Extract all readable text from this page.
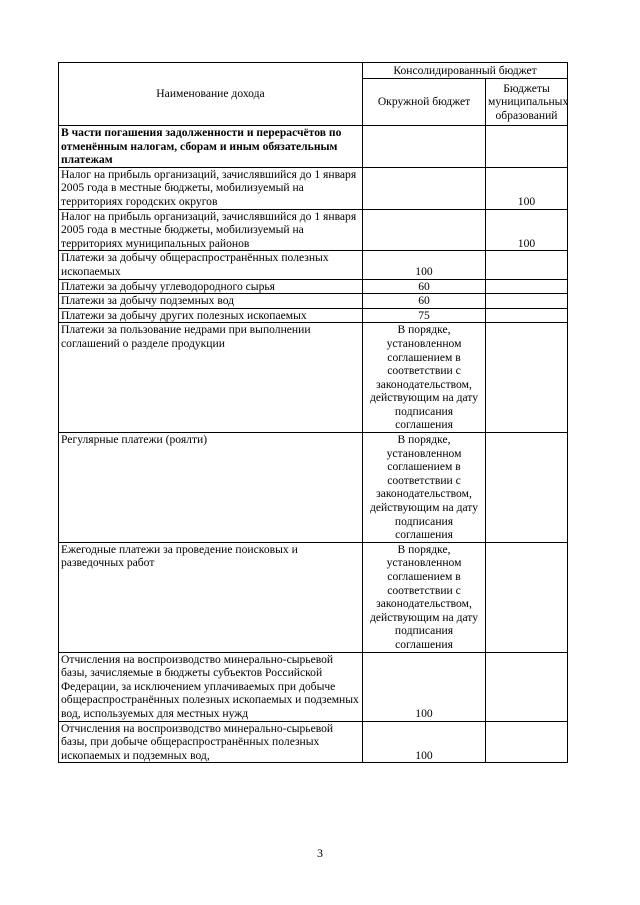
Наименование дохода	Консолидированный бюджет	
	Окружной бюджет	Бюджеты муниципальных образований
В части погашения задолженности и перерасчётов по отменённым налогам, сборам и иным обязательным платежам		
Налог на прибыль организаций, зачислявшийся до 1 января 2005 года в местные бюджеты, мобилизуемый на территориях городских округов		100
Налог на прибыль организаций, зачислявшийся до 1 января 2005 года в местные бюджеты, мобилизуемый на территориях муниципальных районов		100
Платежи за добычу общераспространённых полезных ископаемых	100	
Платежи за добычу углеводородного сырья	60	
Платежи за добычу подземных вод	60	
Платежи за добычу других полезных ископаемых	75	
Платежи за пользование недрами при выполнении соглашений о разделе продукции	В порядке, установленном соглашением в соответствии с законодательством, действующим на дату подписания соглашения	
Регулярные платежи (роялти)	В порядке, установленном соглашением в соответствии с законодательством, действующим на дату подписания соглашения	
Ежегодные платежи за проведение поисковых и разведочных работ	В порядке, установленном соглашением в соответствии с законодательством, действующим на дату подписания соглашения	
Отчисления на воспроизводство минерально-сырьевой базы, зачисляемые в бюджеты субъектов Российской Федерации, за исключением уплачиваемых при добыче общераспространённых полезных ископаемых и подземных вод, используемых для местных нужд	100	
Отчисления на воспроизводство минерально-сырьевой базы, при добыче общераспространённых полезных ископаемых и подземных вод,	100	
3
